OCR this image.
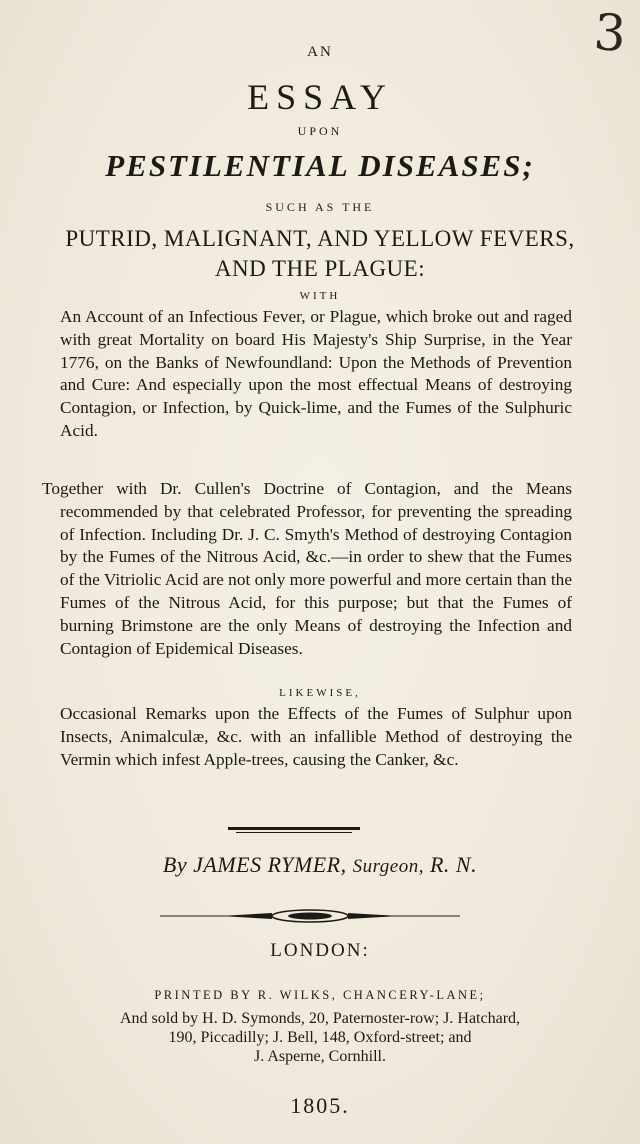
3
AN
ESSAY
UPON
PESTILENTIAL DISEASES;
SUCH AS THE
PUTRID, MALIGNANT, AND YELLOW FEVERS,
AND THE PLAGUE:
WITH
An Account of an Infectious Fever, or Plague, which broke out and raged with great Mortality on board His Majesty's Ship Surprise, in the Year 1776, on the Banks of Newfoundland: Upon the Methods of Prevention and Cure: And especially upon the most effectual Means of destroying Contagion, or Infection, by Quick-lime, and the Fumes of the Sulphuric Acid.
Together with Dr. Cullen's Doctrine of Contagion, and the Means recommended by that celebrated Professor, for preventing the spreading of Infection. Including Dr. J. C. Smyth's Method of destroying Contagion by the Fumes of the Nitrous Acid, &c.—in order to shew that the Fumes of the Vitriolic Acid are not only more powerful and more certain than the Fumes of the Nitrous Acid, for this purpose; but that the Fumes of burning Brimstone are the only Means of destroying the Infection and Contagion of Epidemical Diseases.
LIKEWISE,
Occasional Remarks upon the Effects of the Fumes of Sulphur upon Insects, Animalculæ, &c. with an infallible Method of destroying the Vermin which infest Apple-trees, causing the Canker, &c.
By JAMES RYMER, Surgeon, R. N.
LONDON:
PRINTED BY R. WILKS, CHANCERY-LANE;
And sold by H. D. Symonds, 20, Paternoster-row; J. Hatchard,
190, Piccadilly; J. Bell, 148, Oxford-street; and
J. Asperne, Cornhill.
1805.
